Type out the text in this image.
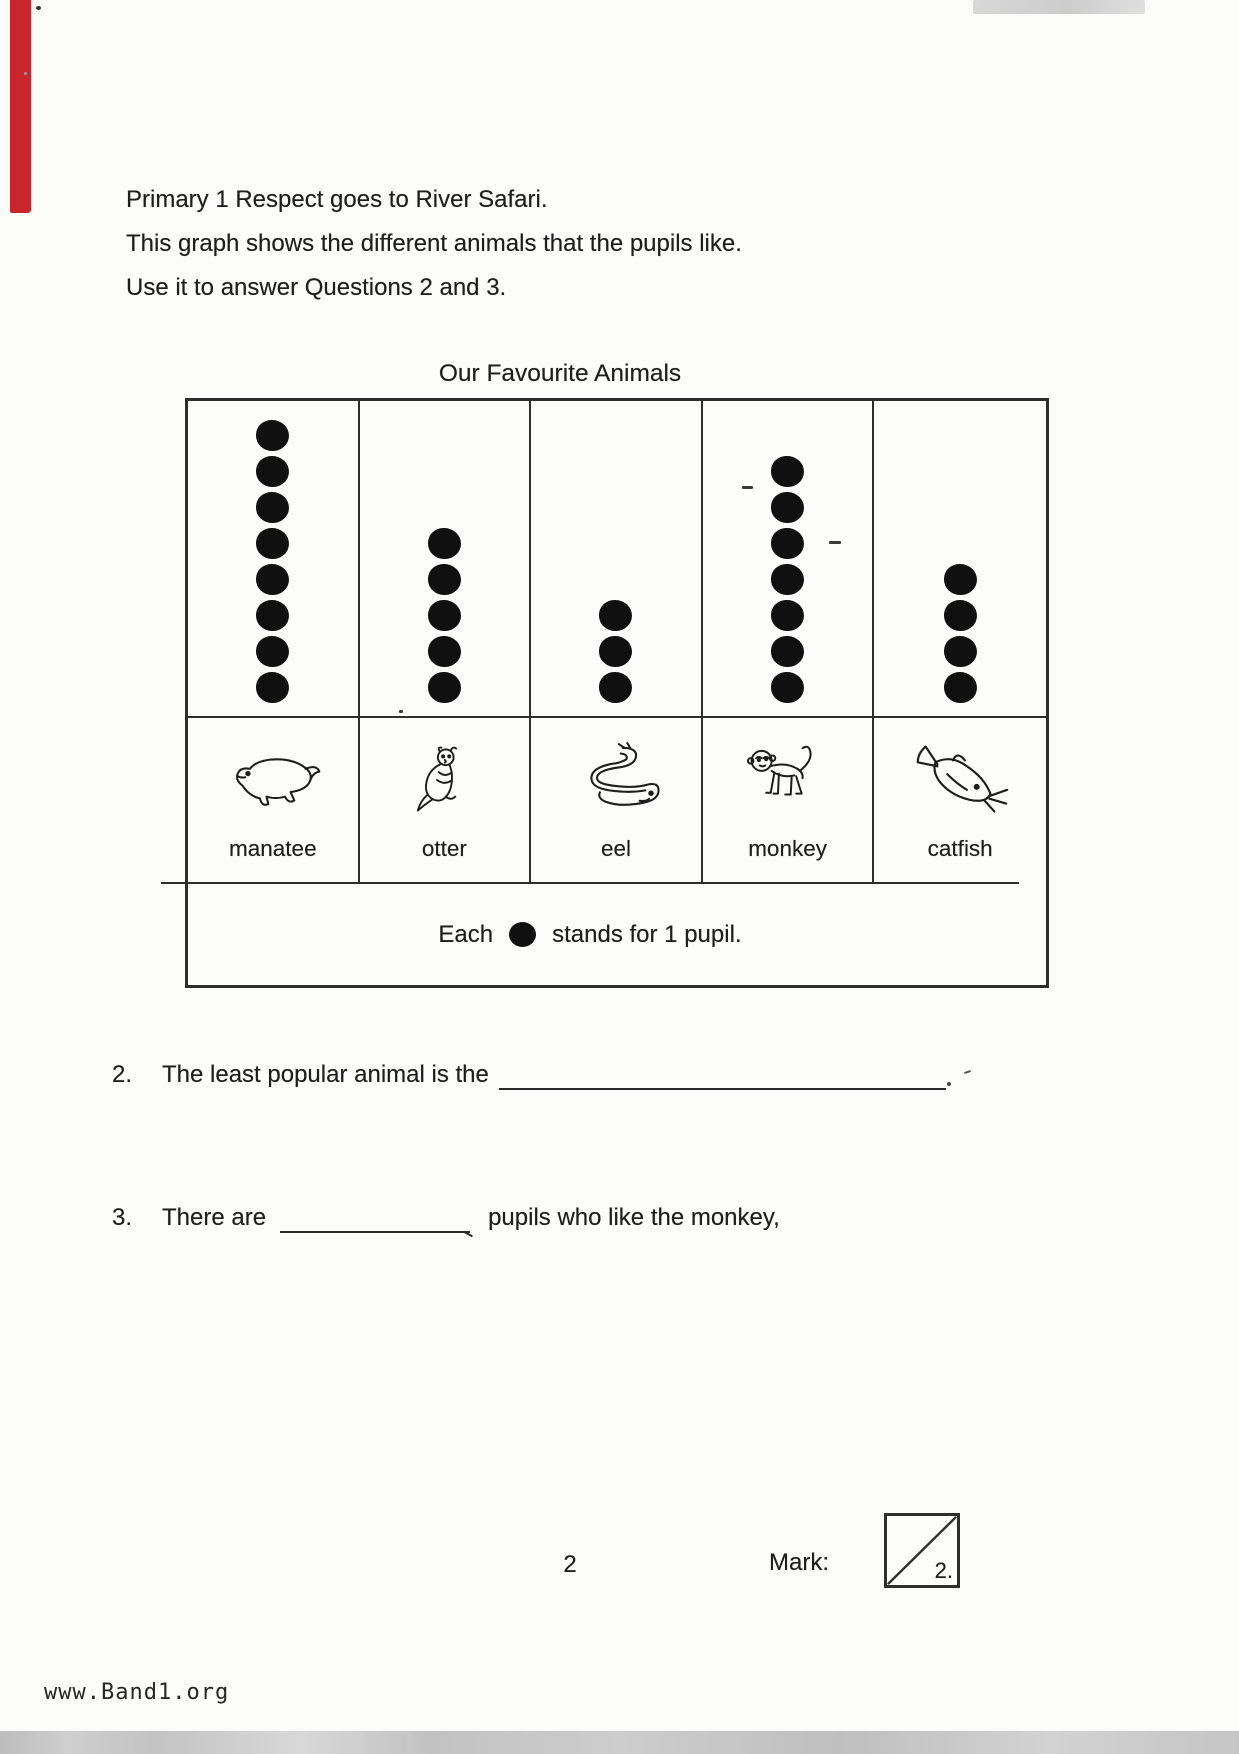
Primary 1 Respect goes to River Safari.
This graph shows the different animals that the pupils like.
Use it to answer Questions 2 and 3.
Our Favourite Animals
manatee	otter	eel	monkey	catfish
Each stands for 1 pupil.
2. The least popular animal is the
3. There are	pupils who like the monkey,
2	Mark:	2.
www.Band1.org
